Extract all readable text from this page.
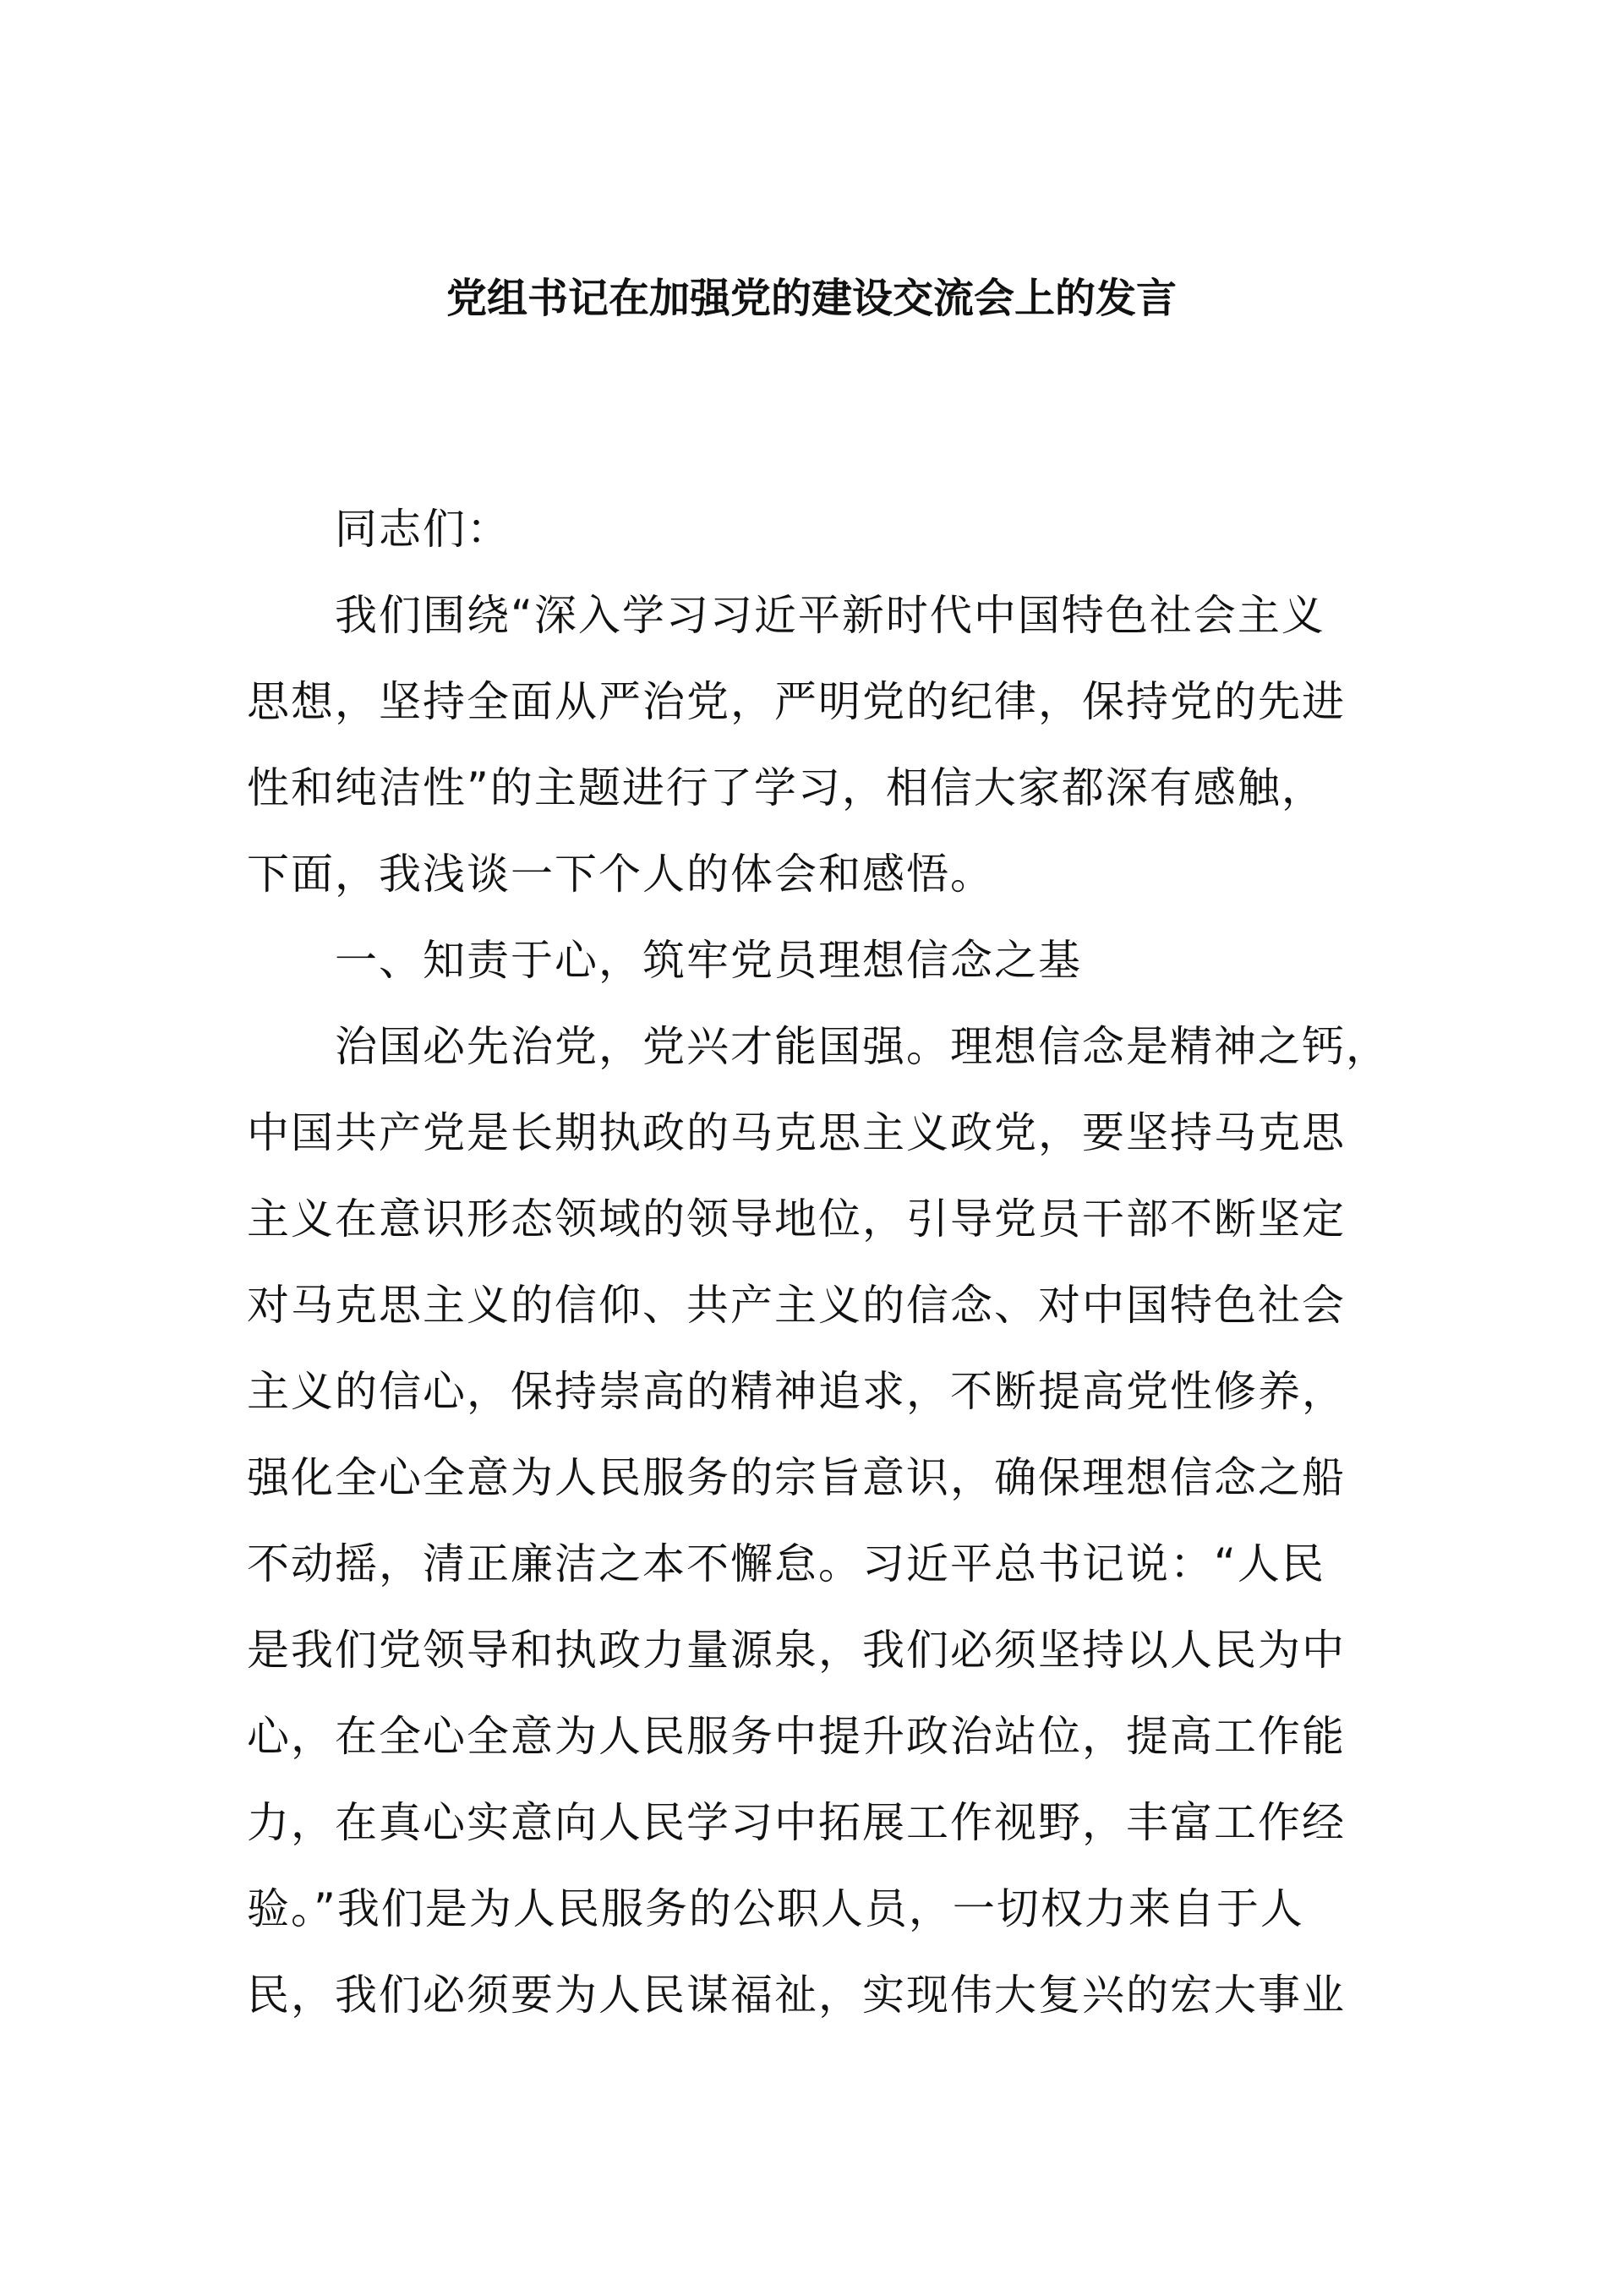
党组书记在加强党的建设交流会上的发言
同志们：
我们围绕“深入学习习近平新时代中国特色社会主义
思想，坚持全面从严治党，严明党的纪律，保持党的先进
性和纯洁性”的主题进行了学习，相信大家都深有感触，
下面，我浅谈一下个人的体会和感悟。
一、知责于心，筑牢党员理想信念之基
治国必先治党，党兴才能国强。理想信念是精神之钙，
中国共产党是长期执政的马克思主义政党，要坚持马克思
主义在意识形态领域的领导地位，引导党员干部不断坚定
对马克思主义的信仰、共产主义的信念、对中国特色社会
主义的信心，保持崇高的精神追求，不断提高党性修养，
强化全心全意为人民服务的宗旨意识，确保理想信念之船
不动摇，清正廉洁之本不懈怠。习近平总书记说：“人民
是我们党领导和执政力量源泉，我们必须坚持以人民为中
心，在全心全意为人民服务中提升政治站位，提高工作能
力，在真心实意向人民学习中拓展工作视野，丰富工作经
验。”我们是为人民服务的公职人员，一切权力来自于人
民，我们必须要为人民谋福祉，实现伟大复兴的宏大事业
